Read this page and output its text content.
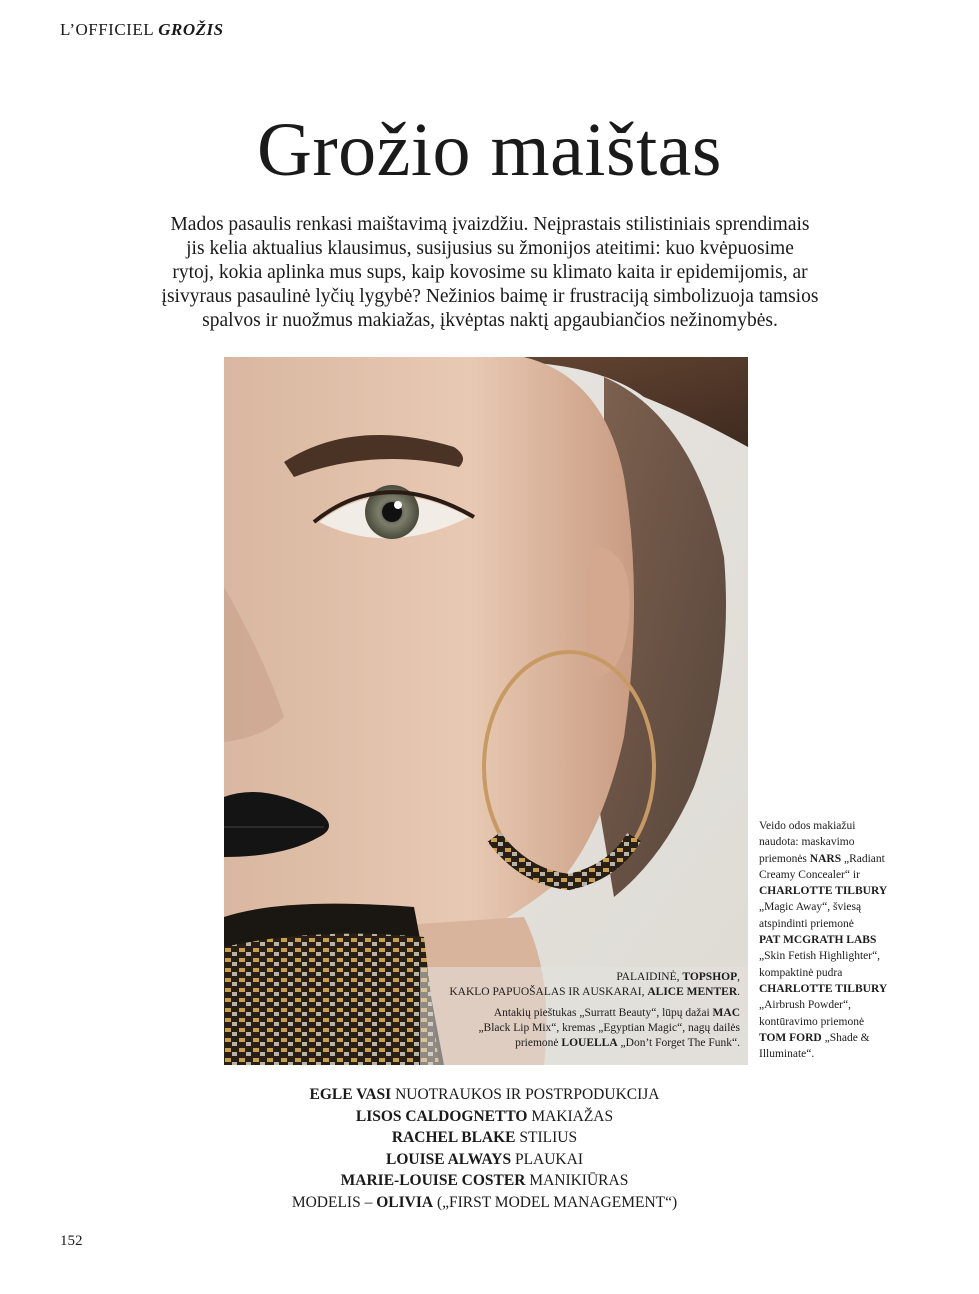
L’OFFICIEL GROŽIS
Grožio maištas
Mados pasaulis renkasi maištavimą įvaizdžiu. Neįprastais stilistiniais sprendimais
jis kelia aktualius klausimus, susijusius su žmonijos ateitimi: kuo kvėpuosime
rytoj, kokia aplinka mus sups, kaip kovosime su klimato kaita ir epidemijomis, ar
įsivyraus pasaulinė lyčių lygybė? Nežinios baimę ir frustraciją simbolizuoja tamsios
spalvos ir nuožmus makiažas, įkvėptas naktį apgaubiančios nežinomybės.
PALAIDINĖ, TOPSHOP,
KAKLO PAPUOŠALAS IR AUSKARAI, ALICE MENTER.
Antakių pieštukas „Surratt Beauty“, lūpų dažai MAC
„Black Lip Mix“, kremas „Egyptian Magic“, nagų dailės
priemonė LOUELLA „Don’t Forget The Funk“.
Veido odos makiažui
naudota: maskavimo
priemonės NARS „Radiant
Creamy Concealer“ ir
CHARLOTTE TILBURY
„Magic Away“, šviesą
atspindinti priemonė
PAT MCGRATH LABS
„Skin Fetish Highlighter“,
kompaktinė pudra
CHARLOTTE TILBURY
„Airbrush Powder“,
kontūravimo priemonė
TOM FORD „Shade &
Illuminate“.
EGLE VASI NUOTRAUKOS IR POSTRPODUKCIJA
LISOS CALDOGNETTO MAKIAŽAS
RACHEL BLAKE STILIUS
LOUISE ALWAYS PLAUKAI
MARIE-LOUISE COSTER MANIKIŪRAS
MODELIS – OLIVIA („FIRST MODEL MANAGEMENT“)
152
